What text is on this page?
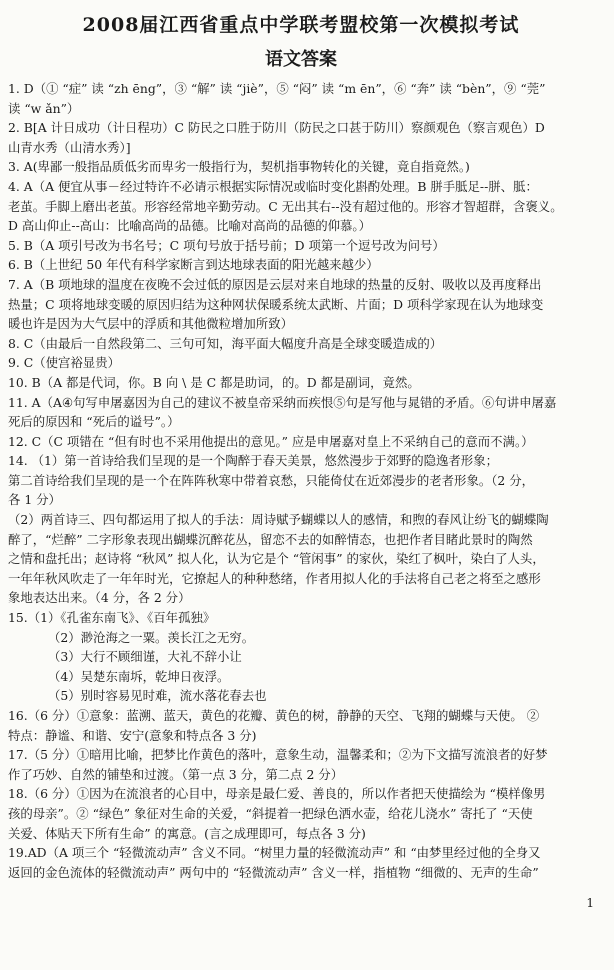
2008届江西省重点中学联考盟校第一次模拟考试
语文答案
1. D（① “症” 读 “zh ēng”，③ “解” 读 “jiè”，⑤ “闷” 读 “m ēn”，⑥ “奔” 读 “bèn”，⑨ “莞”
读 “w ǎn”）
2. B[A 计日成功（计日程功）C 防民之口胜于防川（防民之口甚于防川）察颜观色（察言观色）D
山青水秀（山清水秀）]
3. A(卑鄙一般指品质低劣而卑劣一般指行为，契机指事物转化的关键，竟自指竟然。)
4. A（A 便宜从事－经过特许不必请示根据实际情况或临时变化斟酌处理。B 胼手胝足--胼、胝：
老茧。手脚上磨出老茧。形容经常地辛勤劳动。C 无出其右--没有超过他的。形容才智超群，含褒义。
D 高山仰止--高山：比喻高尚的品德。比喻对高尚的品德的仰慕。）
5. B（A 项引号改为书名号；C 项句号放于括号前；D 项第一个逗号改为问号）
6. B（上世纪 50 年代有科学家断言到达地球表面的阳光越来越少）
7. A（B 项地球的温度在夜晚不会过低的原因是云层对来自地球的热量的反射、吸收以及再度释出
热量；C 项将地球变暖的原因归结为这种网状保暖系统太武断、片面；D 项科学家现在认为地球变
暖也许是因为大气层中的浮质和其他微粒增加所致）
8. C（由最后一自然段第二、三句可知，海平面大幅度升高是全球变暖造成的）
9. C（使宫裕显贵）
10. B（A 都是代词，你。B 向 \ 是 C 都是助词，的。D 都是副词，竟然。
11. A（A④句写申屠嘉因为自己的建议不被皇帝采纳而疾恨⑤句是写他与晁错的矛盾。⑥句讲申屠嘉
死后的原因和 “死后的谥号”。）
12. C（C 项错在 “但有时也不采用他提出的意见。” 应是申屠嘉对皇上不采纳自己的意而不满。）
14. （1）第一首诗给我们呈现的是一个陶醉于春天美景，悠然漫步于郊野的隐逸者形象；
第二首诗给我们呈现的是一个在阵阵秋寒中带着哀愁，只能倚仗在近郊漫步的老者形象。（2 分，
各 1 分）
（2）两首诗三、四句都运用了拟人的手法：周诗赋予蝴蝶以人的感情，和煦的春风让纷飞的蝴蝶陶
醉了，“烂醉” 二字形象表现出蝴蝶沉醉花丛，留恋不去的如醉情态，也把作者目睹此景时的陶然
之情和盘托出；赵诗将 “秋风” 拟人化，认为它是个 “管闲事” 的家伙，染红了枫叶，染白了人头，
一年年秋风吹走了一年年时光，它撩起人的种种愁绪，作者用拟人化的手法将自己老之将至之感形
象地表达出来。（4 分，各 2 分）
15.（1）《孔雀东南飞》、《百年孤独》
（2）渺沧海之一粟。羡长江之无穷。
（3）大行不顾细谨，大礼不辞小让
（4）吴楚东南坼，乾坤日夜浮。
（5）别时容易见时难，流水落花春去也
16.（6 分）①意象：蓝溯、蓝天，黄色的花瓣、黄色的树，静静的天空、飞翔的蝴蝶与天使。 ②
特点：静谧、和谐、安宁(意象和特点各 3 分)
17.（5 分）①暗用比喻，把梦比作黄色的落叶，意象生动，温馨柔和；②为下文描写流浪者的好梦
作了巧妙、自然的铺垫和过渡。（第一点 3 分，第二点 2 分）
18.（6 分）①因为在流浪者的心目中，母亲是最仁爱、善良的，所以作者把天使描绘为 “模样像男
孩的母亲”。② “绿色” 象征对生命的关爱，“斜提着一把绿色洒水壶，给花儿浇水” 寄托了 “天使
关爱、体贴天下所有生命” 的寓意。(言之成理即可，每点各 3 分)
19.AD（A 项三个 “轻微流动声” 含义不同。“树里力量的轻微流动声” 和 “由梦里经过他的全身又
返回的金色流体的轻微流动声” 两句中的 “轻微流动声” 含义一样，指植物 “细微的、无声的生命”
1
